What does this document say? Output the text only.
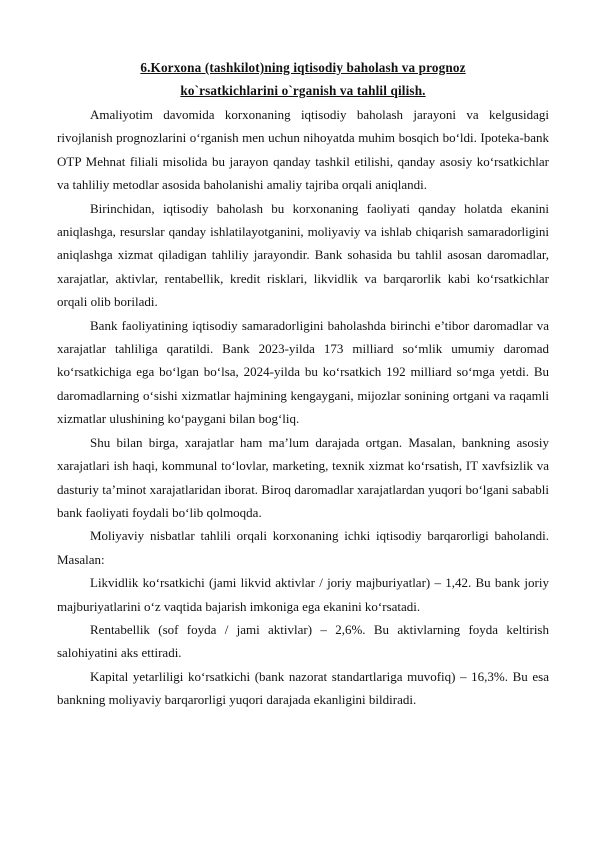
6.Korxona (tashkilot)ning iqtisodiy baholash va prognoz
ko`rsatkichlarini o`rganish va tahlil qilish.

Amaliyotim davomida korxonaning iqtisodiy baholash jarayoni va kelgusidagi rivojlanish prognozlarini o‘rganish men uchun nihoyatda muhim bosqich bo‘ldi. Ipoteka-bank OTP Mehnat filiali misolida bu jarayon qanday tashkil etilishi, qanday asosiy ko‘rsatkichlar va tahliliy metodlar asosida baholanishi amaliy tajriba orqali aniqlandi.

Birinchidan, iqtisodiy baholash bu korxonaning faoliyati qanday holatda ekanini aniqlashga, resurslar qanday ishlatilayotganini, moliyaviy va ishlab chiqarish samaradorligini aniqlashga xizmat qiladigan tahliliy jarayondir. Bank sohasida bu tahlil asosan daromadlar, xarajatlar, aktivlar, rentabellik, kredit risklari, likvidlik va barqarorlik kabi ko‘rsatkichlar orqali olib boriladi.

Bank faoliyatining iqtisodiy samaradorligini baholashda birinchi e’tibor daromadlar va xarajatlar tahliliga qaratildi. Bank 2023-yilda 173 milliard so‘mlik umumiy daromad ko‘rsatkichiga ega bo‘lgan bo‘lsa, 2024-yilda bu ko‘rsatkich 192 milliard so‘mga yetdi. Bu daromadlarning o‘sishi xizmatlar hajmining kengaygani, mijozlar sonining ortgani va raqamli xizmatlar ulushining ko‘paygani bilan bog‘liq.

Shu bilan birga, xarajatlar ham ma’lum darajada ortgan. Masalan, bankning asosiy xarajatlari ish haqi, kommunal to‘lovlar, marketing, texnik xizmat ko‘rsatish, IT xavfsizlik va dasturiy ta’minot xarajatlaridan iborat. Biroq daromadlar xarajatlardan yuqori bo‘lgani sababli bank faoliyati foydali bo‘lib qolmoqda.

Moliyaviy nisbatlar tahlili orqali korxonaning ichki iqtisodiy barqarorligi baholandi. Masalan:

Likvidlik ko‘rsatkichi (jami likvid aktivlar / joriy majburiyatlar) – 1,42. Bu bank joriy majburiyatlarini o‘z vaqtida bajarish imkoniga ega ekanini ko‘rsatadi.

Rentabellik (sof foyda / jami aktivlar) – 2,6%. Bu aktivlarning foyda keltirish salohiyatini aks ettiradi.

Kapital yetarliligi ko‘rsatkichi (bank nazorat standartlariga muvofiq) – 16,3%. Bu esa bankning moliyaviy barqarorligi yuqori darajada ekanligini bildiradi.
